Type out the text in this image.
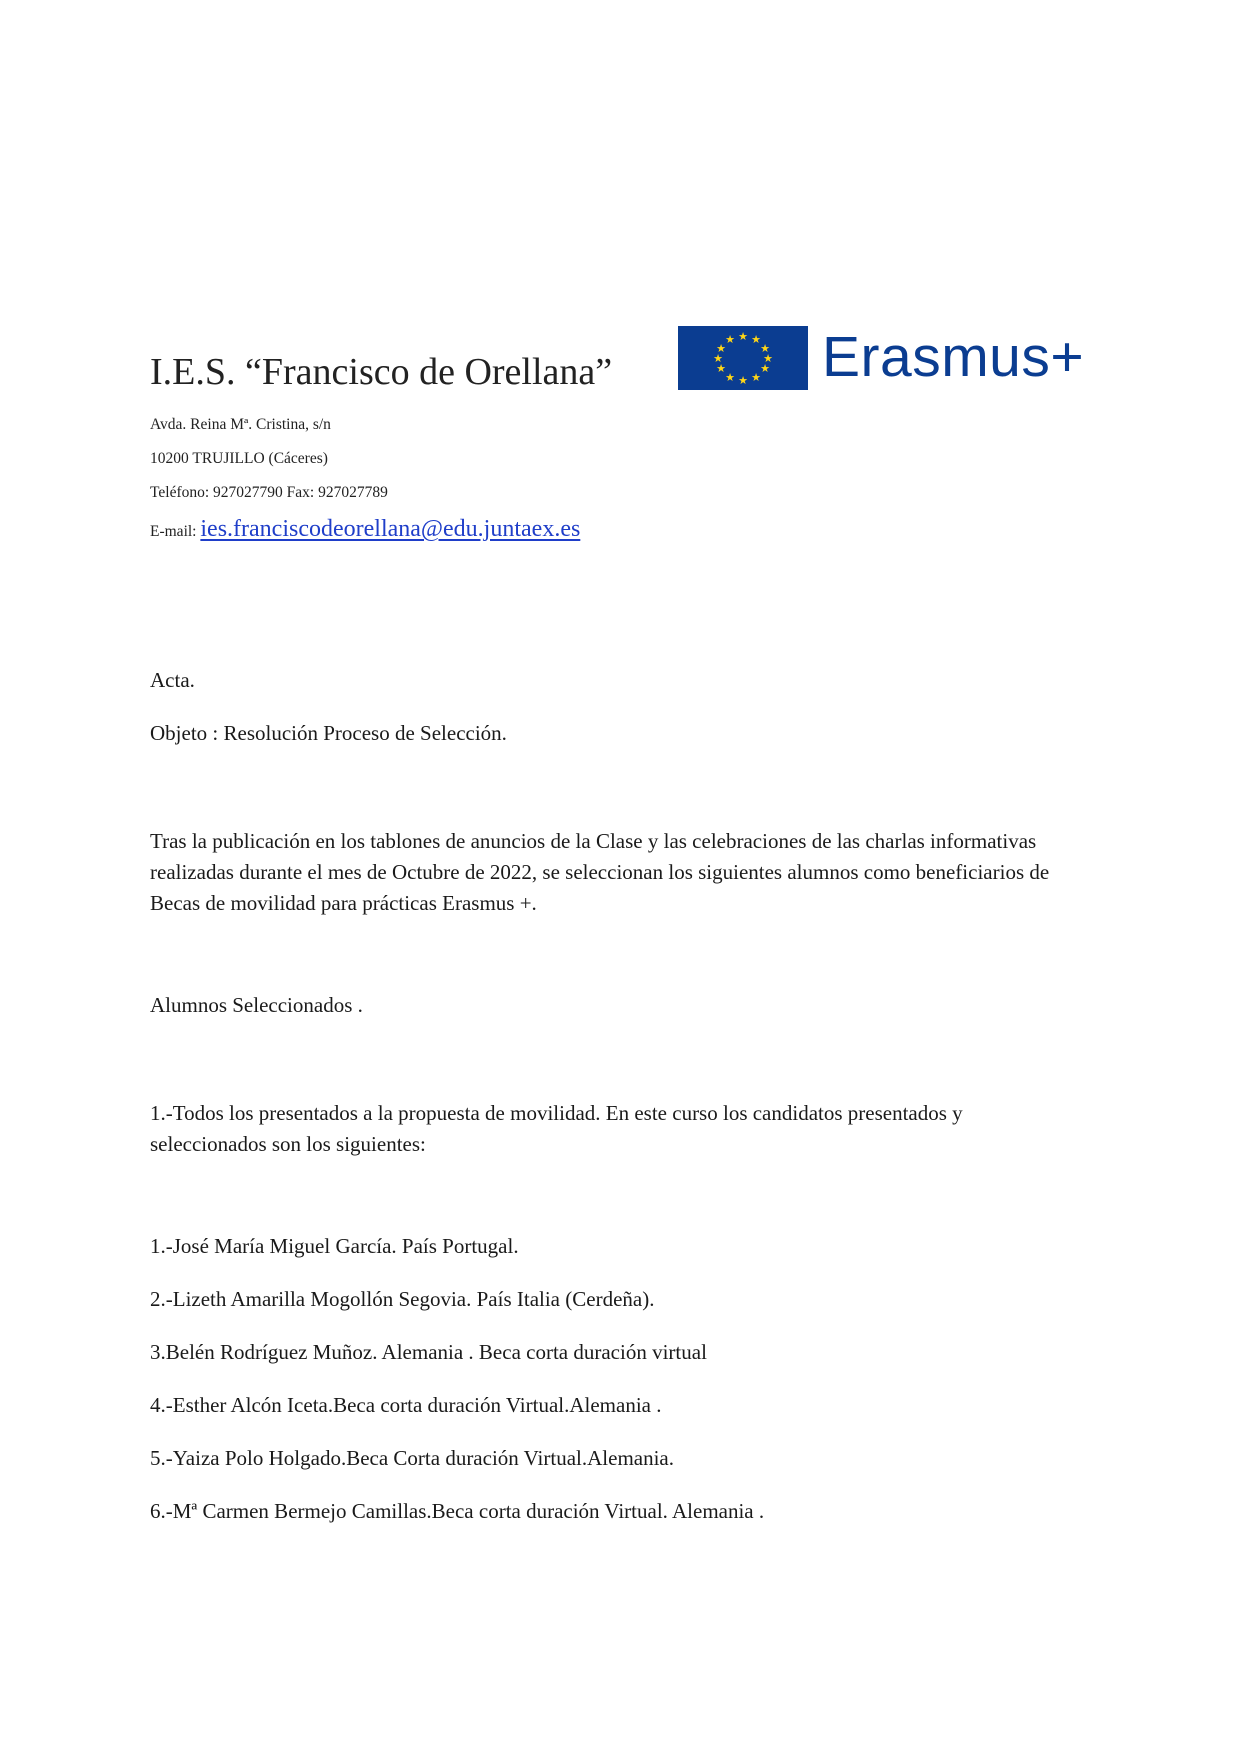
I.E.S. “Francisco de Orellana”
Avda. Reina Mª. Cristina, s/n
10200 TRUJILLO (Cáceres)
Teléfono: 927027790 Fax: 927027789
E-mail: ies.franciscodeorellana@edu.juntaex.es
★ ★
★
★
★
★
★
★
★
★
★
★ Erasmus+
Acta.
Objeto : Resolución Proceso de Selección.
Tras la publicación en los tablones de anuncios de la Clase y las celebraciones de las charlas informativas realizadas durante el mes de Octubre de 2022, se seleccionan los siguientes alumnos como beneficiarios de Becas de movilidad para prácticas Erasmus +.
Alumnos Seleccionados .
1.-Todos los presentados a la propuesta de movilidad. En este curso los candidatos presentados y seleccionados son los siguientes:
1.-José María Miguel García. País Portugal.
2.-Lizeth Amarilla Mogollón Segovia. País Italia (Cerdeña).
3.Belén Rodríguez Muñoz. Alemania . Beca corta duración virtual
4.-Esther Alcón Iceta.Beca corta duración Virtual.Alemania .
5.-Yaiza Polo Holgado.Beca Corta duración Virtual.Alemania.
6.-Mª Carmen Bermejo Camillas.Beca corta duración Virtual. Alemania .
